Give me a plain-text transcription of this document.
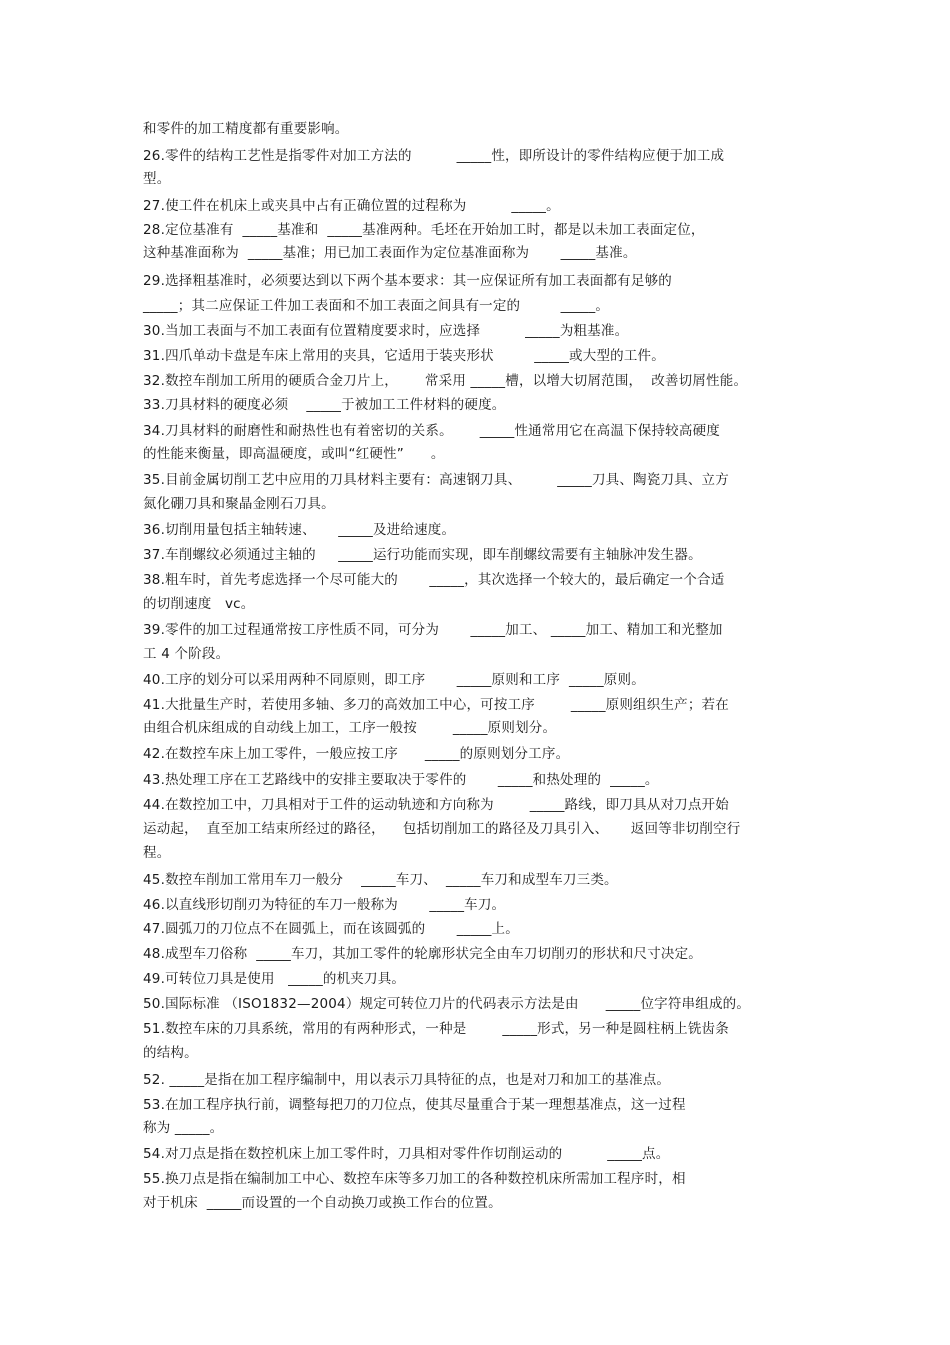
和零件的加工精度都有重要影响。
26.零件的结构工艺性是指零件对加工方法的          _____性，即所设计的零件结构应便于加工成
型。
27.使工件在机床上或夹具中占有正确位置的过程称为          _____。
28.定位基准有  _____基准和  _____基准两种。毛坯在开始加工时，都是以未加工表面定位，
这种基准面称为  _____基准；用已加工表面作为定位基准面称为       _____基准。
29.选择粗基准时，必须要达到以下两个基本要求：其一应保证所有加工表面都有足够的
_____；其二应保证工件加工表面和不加工表面之间具有一定的         _____。
30.当加工表面与不加工表面有位置精度要求时，应选择          _____为粗基准。
31.四爪单动卡盘是车床上常用的夹具，它适用于装夹形状         _____或大型的工件。
32.数控车削加工所用的硬质合金刀片上，      常采用 _____槽，以增大切屑范围，  改善切屑性能。
33.刀具材料的硬度必须    _____于被加工工件材料的硬度。
34.刀具材料的耐磨性和耐热性也有着密切的关系。      _____性通常用它在高温下保持较高硬度
的性能来衡量，即高温硬度，或叫“红硬性”      。
35.目前金属切削工艺中应用的刀具材料主要有：高速钢刀具、        _____刀具、陶瓷刀具、立方
氮化硼刀具和聚晶金刚石刀具。
36.切削用量包括主轴转速、     _____及进给速度。
37.车削螺纹必须通过主轴的     _____运行功能而实现，即车削螺纹需要有主轴脉冲发生器。
38.粗车时，首先考虑选择一个尽可能大的       _____，其次选择一个较大的，最后确定一个合适
的切削速度   vc。
39.零件的加工过程通常按工序性质不同，可分为       _____加工、 _____加工、精加工和光整加
工 4 个阶段。
40.工序的划分可以采用两种不同原则，即工序       _____原则和工序  _____原则。
41.大批量生产时，若使用多轴、多刀的高效加工中心，可按工序        _____原则组织生产；若在
由组合机床组成的自动线上加工，工序一般按        _____原则划分。
42.在数控车床上加工零件，一般应按工序      _____的原则划分工序。
43.热处理工序在工艺路线中的安排主要取决于零件的       _____和热处理的  _____。
44.在数控加工中，刀具相对于工件的运动轨迹和方向称为        _____路线，即刀具从对刀点开始
运动起，  直至加工结束所经过的路径，    包括切削加工的路径及刀具引入、     返回等非切削空行
程。
45.数控车削加工常用车刀一般分    _____车刀、  _____车刀和成型车刀三类。
46.以直线形切削刃为特征的车刀一般称为       _____车刀。
47.圆弧刀的刀位点不在圆弧上，而在该圆弧的       _____上。
48.成型车刀俗称  _____车刀，其加工零件的轮廓形状完全由车刀切削刃的形状和尺寸决定。
49.可转位刀具是使用   _____的机夹刀具。
50.国际标准 （ISO1832—2004）规定可转位刀片的代码表示方法是由      _____位字符串组成的。
51.数控车床的刀具系统，常用的有两种形式，一种是        _____形式，另一种是圆柱柄上铣齿条
的结构。
52. _____是指在加工程序编制中，用以表示刀具特征的点，也是对刀和加工的基准点。
53.在加工程序执行前，调整每把刀的刀位点，使其尽量重合于某一理想基准点，这一过程
称为 _____。
54.对刀点是指在数控机床上加工零件时，刀具相对零件作切削运动的          _____点。
55.换刀点是指在编制加工中心、数控车床等多刀加工的各种数控机床所需加工程序时，相
对于机床  _____而设置的一个自动换刀或换工作台的位置。
